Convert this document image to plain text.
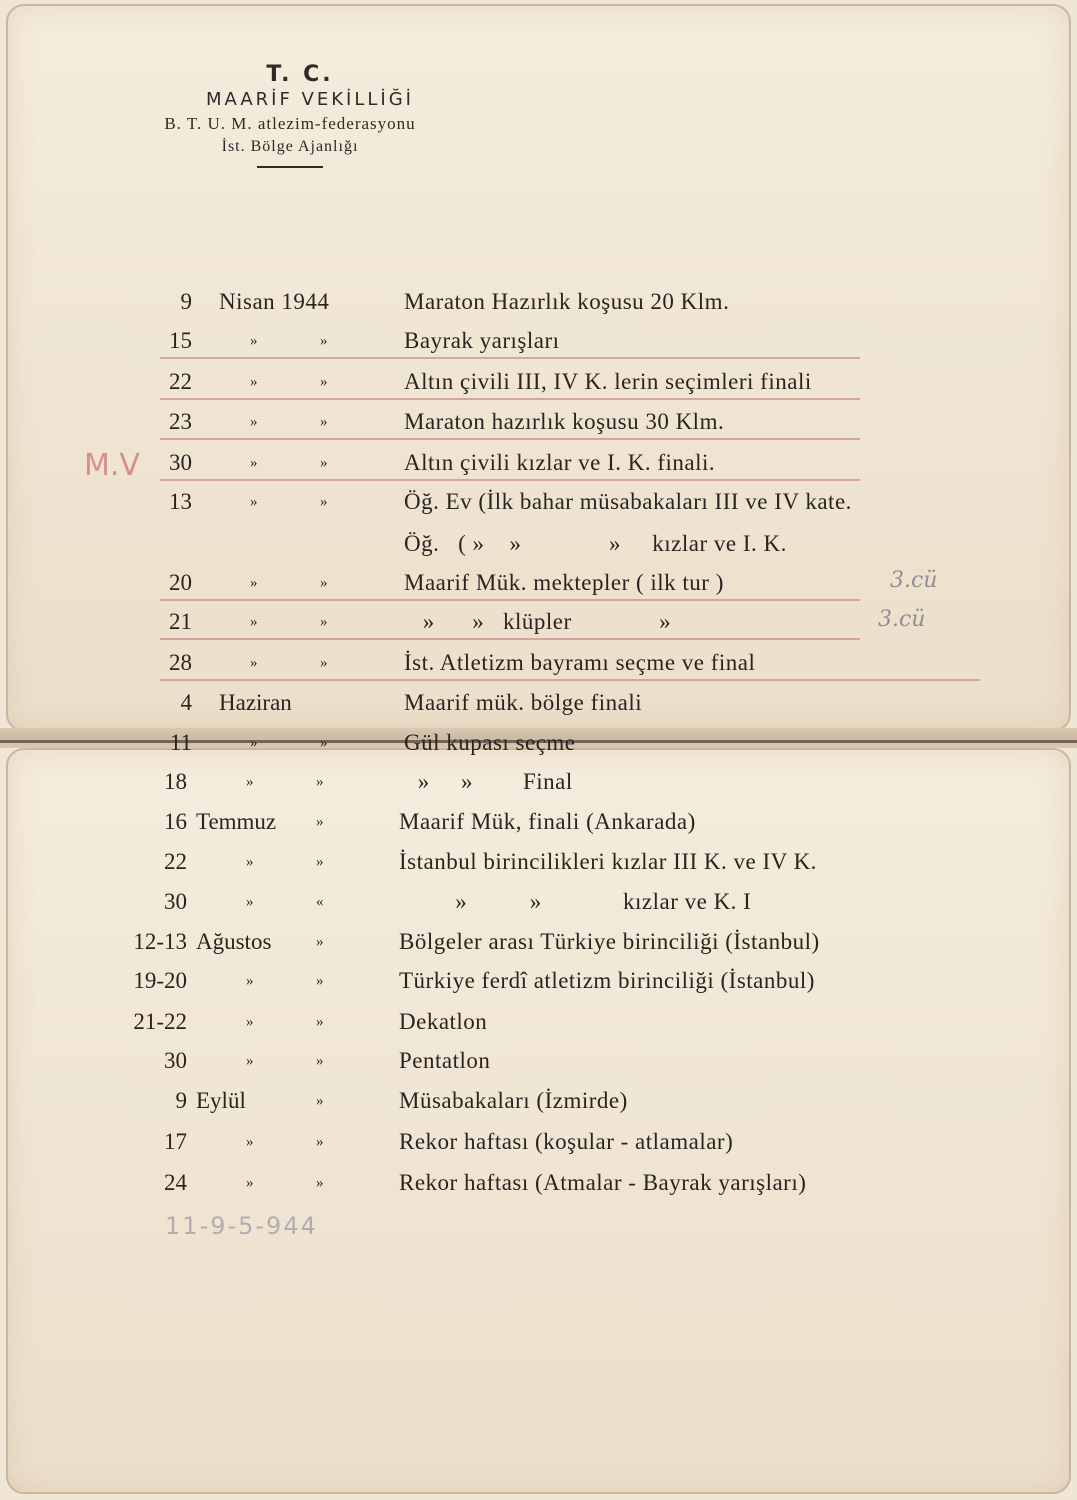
T. C.
MAARİF VEKİLLİĞİ
B. T. U. M. atlezim-federasyonu
İst. Bölge Ajanlığı
9 Nisan 1944	Maraton Hazırlık koşusu 20 Klm.
15	»	»	Bayrak yarışları
22	»	»	Altın çivili III, IV K. lerin seçimleri finali
23	»	»	Maraton hazırlık koşusu 30 Klm.
30	»	»	Altın çivili kızlar ve I. K. finali.
13	»	»	Öğ. Ev (İlk bahar müsabakaları III ve IV kate.
Öğ.   ( »    »              »     kızlar ve I. K.
20	»	»	Maarif Mük. mektepler ( ilk tur )
21	»	»	»      »   klüpler              »
28	»	»	İst. Atletizm bayramı seçme ve final
4 Haziran	Maarif mük. bölge finali
11	»	»	Gül kupası seçme
18	»	»	»     »        Final
16 Temmuz	»	Maarif Mük, finali (Ankarada)
22	»	»	İstanbul birincilikleri kızlar III K. ve IV K.
30	»	«	»          »             kızlar ve K. I
12-13 Ağustos	»	Bölgeler arası Türkiye birinciliği (İstanbul)
19-20	»	»	Türkiye ferdî atletizm birinciliği (İstanbul)
21-22	»	»	Dekatlon
30	»	»	Pentatlon
9 Eylül	»	Müsabakaları (İzmirde)
17	»	»	Rekor haftası (koşular - atlamalar)
24	»	»	Rekor haftası (Atmalar - Bayrak yarışları)
M.V
3.cü
3.cü
11-9-5-944
